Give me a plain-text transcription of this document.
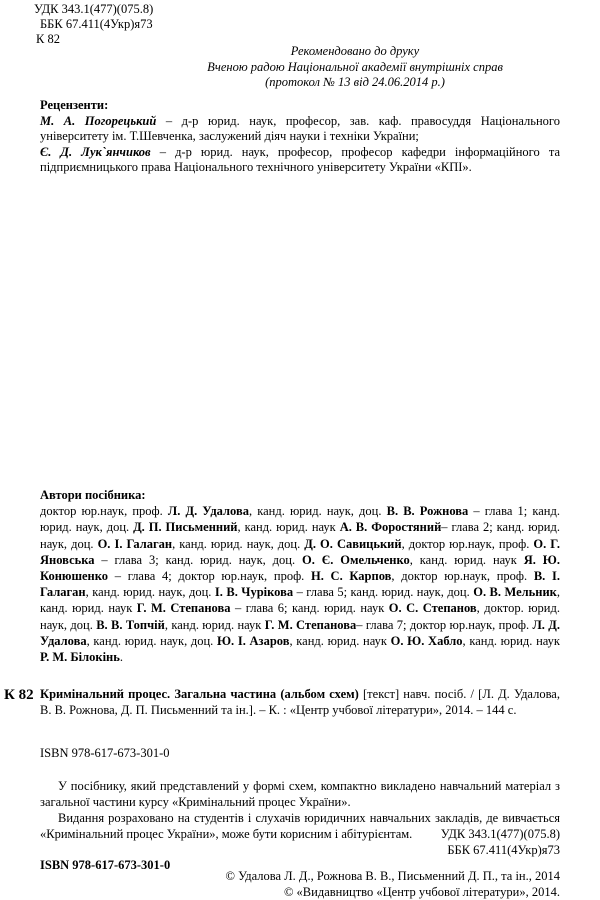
УДК 343.1(477)(075.8)
ББК 67.411(4Укр)я73
К 82
Рекомендовано до друку
Вченою радою Національної академії внутрішніх справ
(протокол № 13 від 24.06.2014 р.)
Рецензенти:

М. А. Погорецький – д-р юрид. наук, професор, зав. каф. правосуддя Національного університету ім. Т.Шевченка, заслужений діяч науки і техніки України;

Є. Д. Лук`янчиков – д-р юрид. наук, професор, професор кафедри інформаційного та підприємницького права Національного технічного університету України «КПІ».

Автори посібника:

доктор юр.наук, проф. Л. Д. Удалова, канд. юрид. наук, доц. В. В. Рожнова – глава 1; канд. юрид. наук, доц. Д. П. Письменний, канд. юрид. наук А. В. Форостяний– глава 2; канд. юрид. наук, доц. О. І. Галаган, канд. юрид. наук, доц. Д. О. Савицький, доктор юр.наук, проф. О. Г. Яновська – глава 3; канд. юрид. наук, доц. О. Є. Омельченко, канд. юрид. наук Я. Ю. Конюшенко – глава 4; доктор юр.наук, проф. Н. С. Карпов, доктор юр.наук, проф. В. І. Галаган, канд. юрид. наук, доц. І. В. Чурікова – глава 5; канд. юрид. наук, доц. О. В. Мельник, канд. юрид. наук Г. М. Степанова – глава 6; канд. юрид. наук О. С. Степанов, доктор. юрид. наук, доц. В. В. Топчій, канд. юрид. наук Г. М. Степанова– глава 7; доктор юр.наук, проф. Л. Д. Удалова, канд. юрид. наук, доц. Ю. І. Азаров, канд. юрид. наук О. Ю. Хабло, канд. юрид. наук Р. М. Білокінь.

К 82 Кримінальний процес. Загальна частина (альбом схем) [текст] навч. посіб. / [Л. Д. Удалова, В. В. Рожнова, Д. П. Письменний та ін.]. – К. : «Центр учбової літератури», 2014. – 144 с.

ISBN 978-617-673-301-0

У посібнику, який представлений у формі схем, компактно викладено навчальний матеріал з загальної частини курсу «Кримінальний процес України».

Видання розраховано на студентів і слухачів юридичних навчальних закладів, де вивчається «Кримінальний процес України», може бути корисним і абітурієнтам.	УДК 343.1(477)(075.8)
ББК 67.411(4Укр)я73
ISBN 978-617-673-301-0
© Удалова Л. Д., Рожнова В. В., Письменний Д. П., та ін., 2014
© «Видавництво «Центр учбової літератури», 2014.
